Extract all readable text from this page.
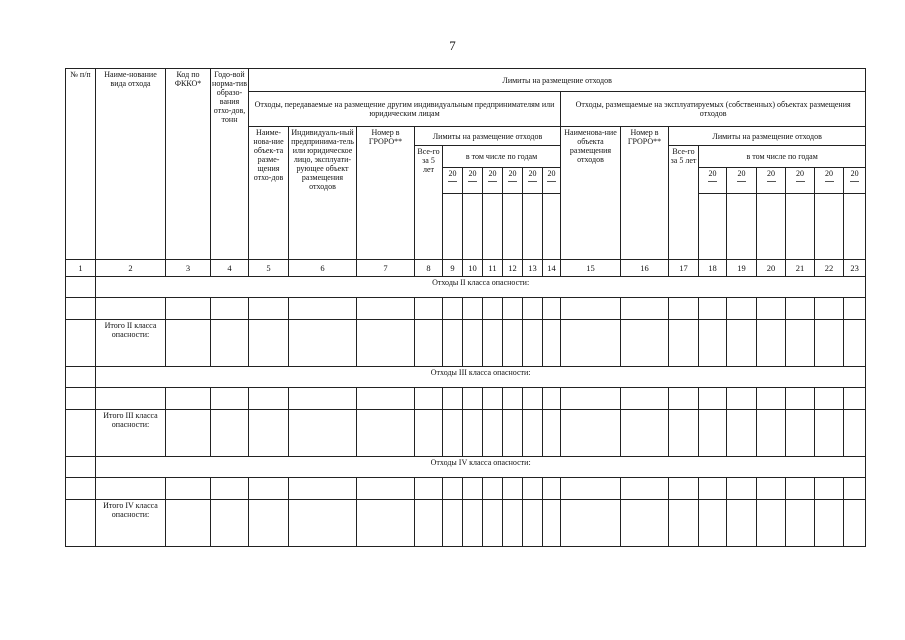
7
№ п/п	Наиме-нование вида отхода	Код по ФККО*	Годо-вой норма-тив образо-вания отхо-дов, тонн	Лимиты на размещение отходов																		
				Отходы, передаваемые на размещение другим индивидуальным предпринимателям или юридическим лицам										Отходы, размещаемые на эксплуатируемых (собственных) объектах размещения отходов								
				Наиме-нова-ние объек-та разме-щения отхо-дов	Индивидуаль-ный предпринима-тель или юридическое лицо, эксплуати-рующее объект размещения отходов	Номер в ГРОРО**	Лимиты на размещение отходов							Наименова-ние объекта размещения отходов	Номер в ГРОРО**	Лимиты на размещение отходов						
							Все-го за 5 лет	в том числе по годам								Все-го за 5 лет	в том числе по годам					

								20	20	20	20	20	20				20	20	20	20	20	20

1	2	3	4	5	6	7	8	9	10	11	12	13	14	15	16	17	18	19	20	21	22	23
	Отходы II класса опасности:																					

	Итого II класса опасности:																					
	Отходы III класса опасности:																					

	Итого III класса опасности:																					
	Отходы IV класса опасности:																					

	Итого IV класса опасности:																					
